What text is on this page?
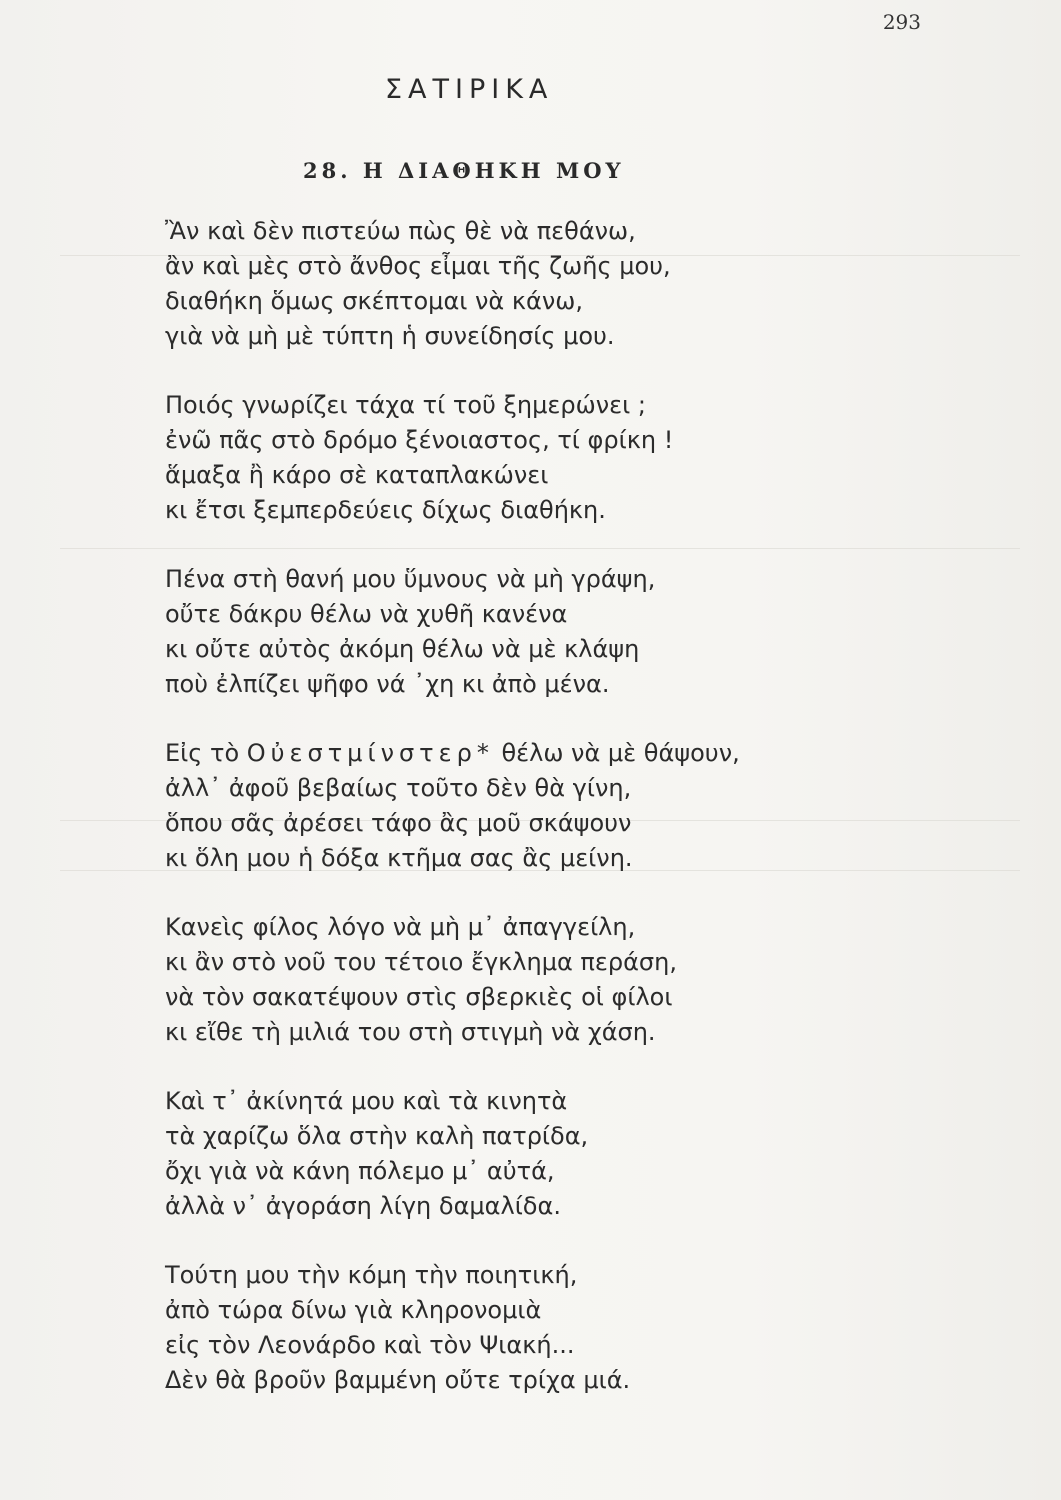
293
ΣΑΤΙΡΙΚΑ
28. Η ΔΙΑΘΗΚΗ ΜΟΥ
Ἂν καὶ δὲν πιστεύω πὼς θὲ νὰ πεθάνω,
ἂν καὶ μὲς στὸ ἄνθος εἶμαι τῆς ζωῆς μου,
διαθήκη ὅμως σκέπτομαι νὰ κάνω,
γιὰ νὰ μὴ μὲ τύπτη ἡ συνείδησίς μου.
Ποιός γνωρίζει τάχα τί τοῦ ξημερώνει ;
ἐνῶ πᾶς στὸ δρόμο ξένοιαστος, τί φρίκη !
ἅμαξα ἢ κάρο σὲ καταπλακώνει
κι ἔτσι ξεμπερδεύεις δίχως διαθήκη.
Πένα στὴ θανή μου ὕμνους νὰ μὴ γράψη,
οὔτε δάκρυ θέλω νὰ χυθῆ κανένα
κι οὔτε αὐτὸς ἀκόμη θέλω νὰ μὲ κλάψη
ποὺ ἐλπίζει ψῆφο νά ᾿χη κι ἀπὸ μένα.
Εἰς τὸ Οὐεστμίνστερ* θέλω νὰ μὲ θάψουν,
ἀλλ᾿ ἀφοῦ βεβαίως τοῦτο δὲν θὰ γίνη,
ὅπου σᾶς ἀρέσει τάφο ἂς μοῦ σκάψουν
κι ὅλη μου ἡ δόξα κτῆμα σας ἂς μείνη.
Κανεὶς φίλος λόγο νὰ μὴ μ᾿ ἀπαγγείλη,
κι ἂν στὸ νοῦ του τέτοιο ἔγκλημα περάση,
νὰ τὸν σακατέψουν στὶς σβερκιὲς οἱ φίλοι
κι εἴθε τὴ μιλιά του στὴ στιγμὴ νὰ χάση.
Καὶ τ᾿ ἀκίνητά μου καὶ τὰ κινητὰ
τὰ χαρίζω ὅλα στὴν καλὴ πατρίδα,
ὄχι γιὰ νὰ κάνη πόλεμο μ᾿ αὐτά,
ἀλλὰ ν᾿ ἀγοράση λίγη δαμαλίδα.
Τούτη μου τὴν κόμη τὴν ποιητική,
ἀπὸ τώρα δίνω γιὰ κληρονομιὰ
εἰς τὸν Λεονάρδο καὶ τὸν Ψιακή...
Δὲν θὰ βροῦν βαμμένη οὔτε τρίχα μιά.
